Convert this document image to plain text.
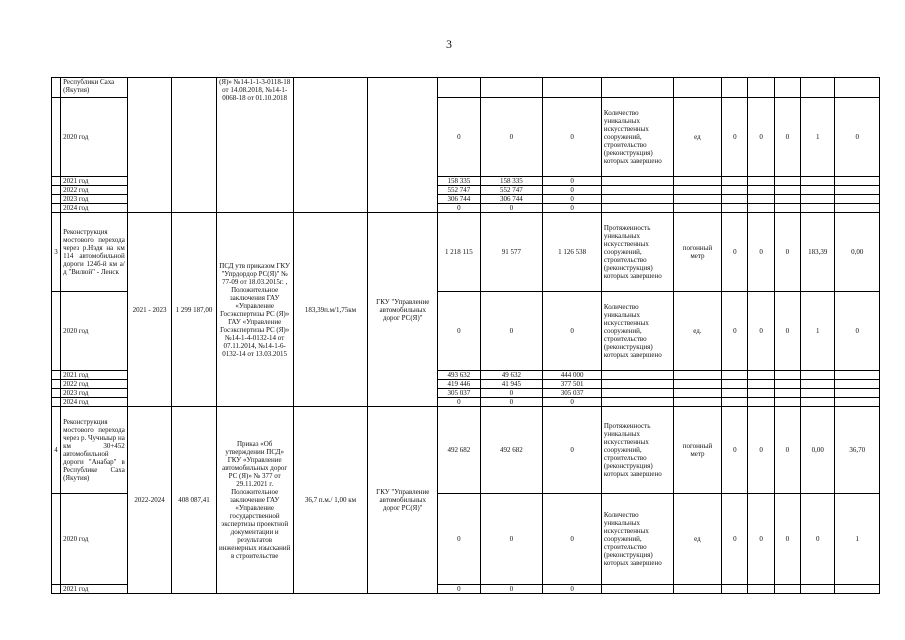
3
	Республики Саха (Якутия)			(Я)» №14-1-1-3-0118-18 от 14.08.2018, №14-1-0068-18 от 01.10.2018												
	2020 год						0	0	0	Количество уникальных искусственных сооружений, строительство (реконструкция) которых завершено	ед	0	0	0	1	0
	2021 год						158 335	158 335	0							
	2022 год						552 747	552 747	0							
	2023 год						306 744	306 744	0							
	2024 год						0	0	0							
3	Реконструкция мостового перехода через р.Нэдя на км 114 автомобильной дороги 124б-й км а/д "Вилюй" - Ленск	2021 - 2023	1 299 187,00	ПСД утв приказом ГКУ "Упрдордор РС(Я)" № 77-09 от 18.03.2015г. , Положительное заключения ГАУ «Управление Госэкспертизы РС (Я)» ГАУ «Управление Госэкспертизы РС (Я)» №14-1-4-0132-14 от 07.11.2014, №14-1-6-0132-14 от 13.03.2015	183,39п.м/1,75км	ГКУ "Управление автомобильных дорог РС(Я)"	1 218 115	91 577	1 126 538	Протяженность уникальных искусственных сооружений, строительство (реконструкция) которых завершено	погонный метр	0	0	0	183,39	0,00
	2020 год						0	0	0	Количество уникальных искусственных сооружений, строительство (реконструкция) которых завершено	ед.	0	0	0	1	0
	2021 год						493 632	49 632	444 000							
	2022 год						419 446	41 945	377 501							
	2023 год						305 037	0	305 037							
	2024 год						0	0	0							
4	Реконструкция мостового перехода через р. Чучныыр на км 30+452 автомобильной дороги "Анабар" в Республике Саха (Якутия)	2022-2024	408 087,41	Приказ «Об утверждении ПСД» ГКУ «Управление автомобильных дорог РС (Я)» № 377 от 29.11.2021 г. Положительное заключение ГАУ «Управление государственной экспертизы проектной документации и результатов инженерных изысканий в строительстве	36,7 п.м./ 1,00 км	ГКУ "Управление автомобильных дорог РС(Я)"	492 682	492 682	0	Протяженность уникальных искусственных сооружений, строительство (реконструкция) которых завершено	погонный метр	0	0	0	0,00	36,70
	2020 год						0	0	0	Количество уникальных искусственных сооружений, строительство (реконструкция) которых завершено	ед	0	0	0	0	1
	2021 год						0	0	0							
